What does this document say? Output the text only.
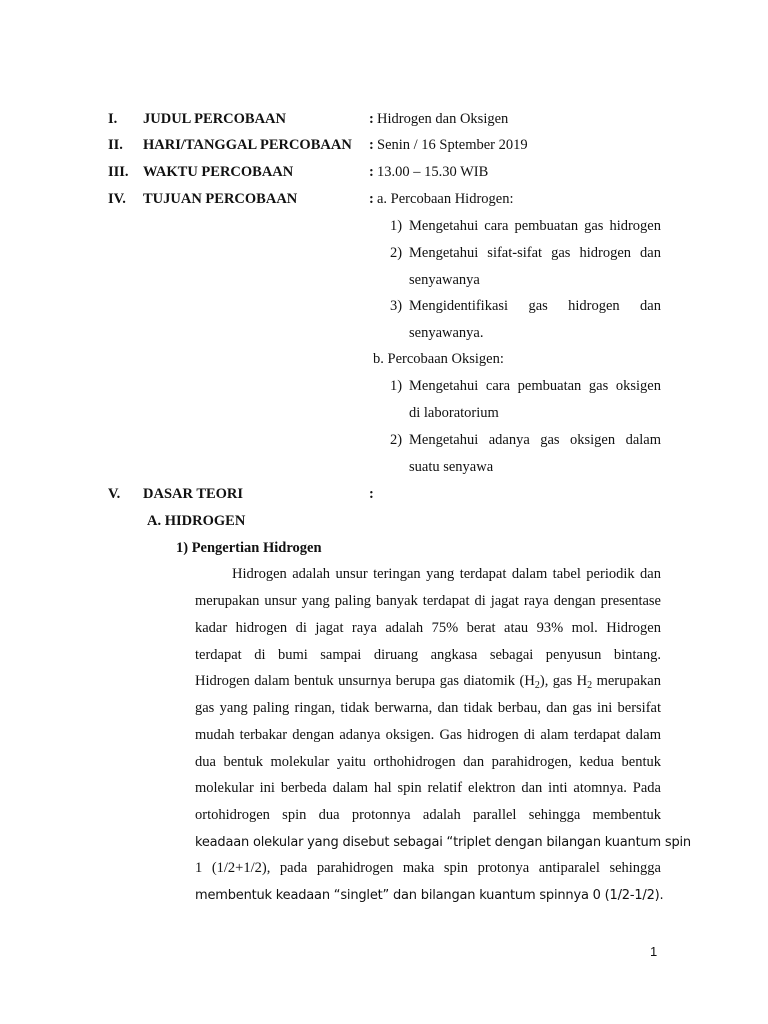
I. JUDUL PERCOBAAN	: Hidrogen dan Oksigen
II. HARI/TANGGAL PERCOBAAN : Senin / 16 Sptember 2019
III. WAKTU PERCOBAAN	: 13.00 – 15.30 WIB
IV. TUJUAN PERCOBAAN	: a. Percobaan Hidrogen:
1) Mengetahui cara pembuatan gas hidrogen
2) Mengetahui sifat-sifat gas hidrogen dan
senyawanya
3) Mengidentifikasi gas hidrogen dan
senyawanya.
b. Percobaan Oksigen:
1) Mengetahui cara pembuatan gas oksigen
di laboratorium
2) Mengetahui adanya gas oksigen dalam
suatu senyawa
V. DASAR TEORI	:
A. HIDROGEN
1) Pengertian Hidrogen
Hidrogen adalah unsur teringan yang terdapat dalam tabel periodik dan
merupakan unsur yang paling banyak terdapat di jagat raya dengan presentase
kadar hidrogen di jagat raya adalah 75% berat atau 93% mol. Hidrogen
terdapat di bumi sampai diruang angkasa sebagai penyusun bintang.
Hidrogen dalam bentuk unsurnya berupa gas diatomik $(H_2)$, gas $H_2$ merupakan
gas yang paling ringan, tidak berwarna, dan tidak berbau, dan gas ini bersifat
mudah terbakar dengan adanya oksigen. Gas hidrogen di alam terdapat dalam
dua bentuk molekular yaitu orthohidrogen dan parahidrogen, kedua bentuk
molekular ini berbeda dalam hal spin relatif elektron dan inti atomnya. Pada
ortohidrogen spin dua protonnya adalah parallel sehingga membentuk
keadaan olekular yang disebut sebagai “triplet dengan bilangan kuantum spin
1 (1/2+1/2), pada parahidrogen maka spin protonya antiparalel sehingga
membentuk keadaan “singlet” dan bilangan kuantum spinnya 0 (1/2-1/2).
1
